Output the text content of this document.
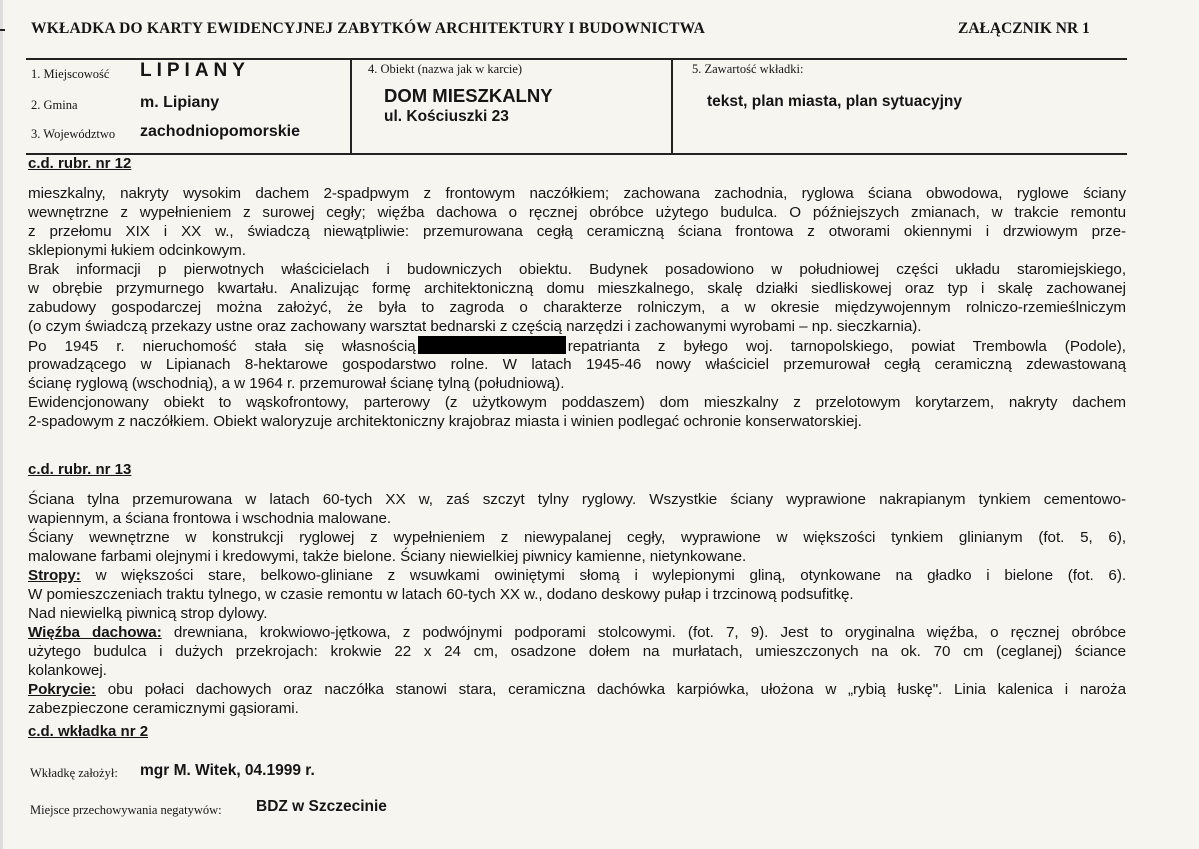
WKŁADKA DO KARTY EWIDENCYJNEJ ZABYTKÓW ARCHITEKTURY I BUDOWNICTWA	ZAŁĄCZNIK NR 1
1. Miejscowość LIPIANY
2. Gmina	m. Lipiany
3. Województwo zachodniopomorskie
4. Obiekt (nazwa jak w karcie)
DOM MIESZKALNY
ul. Kościuszki 23
5. Zawartość wkładki:
tekst, plan miasta, plan sytuacyjny
c.d. rubr. nr 12
mieszkalny, nakryty wysokim dachem 2-spadpwym z frontowym naczółkiem; zachowana zachodnia, ryglowa ściana obwodowa, ryglowe ściany
wewnętrzne z wypełnieniem z surowej cegły; więźba dachowa o ręcznej obróbce użytego budulca. O późniejszych zmianach, w trakcie remontu
z przełomu XIX i XX w., świadczą niewątpliwie: przemurowana cegłą ceramiczną ściana frontowa z otworami okiennymi i drzwiowym prze-
sklepionymi łukiem odcinkowym.
Brak informacji p pierwotnych właścicielach i budowniczych obiektu. Budynek posadowiono w południowej części układu staromiejskiego,
w obrębie przymurnego kwartału. Analizując formę architektoniczną domu mieszkalnego, skalę działki siedliskowej oraz typ i skalę zachowanej
zabudowy gospodarczej można założyć, że była to zagroda o charakterze rolniczym, a w okresie międzywojennym rolniczo-rzemieślniczym
(o czym świadczą przekazy ustne oraz zachowany warsztat bednarski z częścią narzędzi i zachowanymi wyrobami – np. sieczkarnia).
Po 1945 r. nieruchomość stała się własnością	repatrianta z byłego woj. tarnopolskiego, powiat Trembowla (Podole),
prowadzącego w Lipianach 8-hektarowe gospodarstwo rolne. W latach 1945-46 nowy właściciel przemurował cegłą ceramiczną zdewastowaną
ścianę ryglową (wschodnią), a w 1964 r. przemurował ścianę tylną (południową).
Ewidencjonowany obiekt to wąskofrontowy, parterowy (z użytkowym poddaszem) dom mieszkalny z przelotowym korytarzem, nakryty dachem
2-spadowym z naczółkiem. Obiekt waloryzuje architektoniczny krajobraz miasta i winien podlegać ochronie konserwatorskiej.
c.d. rubr. nr 13
Ściana tylna przemurowana w latach 60-tych XX w, zaś szczyt tylny ryglowy. Wszystkie ściany wyprawione nakrapianym tynkiem cementowo-
wapiennym, a ściana frontowa i wschodnia malowane.
Ściany wewnętrzne w konstrukcji ryglowej z wypełnieniem z niewypalanej cegły, wyprawione w większości tynkiem glinianym (fot. 5, 6),
malowane farbami olejnymi i kredowymi, także bielone. Ściany niewielkiej piwnicy kamienne, nietynkowane.
Stropy: w większości stare, belkowo-gliniane z wsuwkami owiniętymi słomą i wylepionymi gliną, otynkowane na gładko i bielone (fot. 6).
W pomieszczeniach traktu tylnego, w czasie remontu w latach 60-tych XX w., dodano deskowy pułap i trzcinową podsufitkę.
Nad niewielką piwnicą strop dylowy.
Więźba dachowa: drewniana, krokwiowo-jętkowa, z podwójnymi podporami stolcowymi. (fot. 7, 9). Jest to oryginalna więźba, o ręcznej obróbce
użytego budulca i dużych przekrojach: krokwie 22 x 24 cm, osadzone dołem na murłatach, umieszczonych na ok. 70 cm (ceglanej) ściance
kolankowej.
Pokrycie: obu połaci dachowych oraz naczółka stanowi stara, ceramiczna dachówka karpiówka, ułożona w „rybią łuskę". Linia kalenica i naroża
zabezpieczone ceramicznymi gąsiorami.
c.d. wkładka nr 2
Wkładkę założył: mgr M. Witek, 04.1999 r.
Miejsce przechowywania negatywów: BDZ w Szczecinie
